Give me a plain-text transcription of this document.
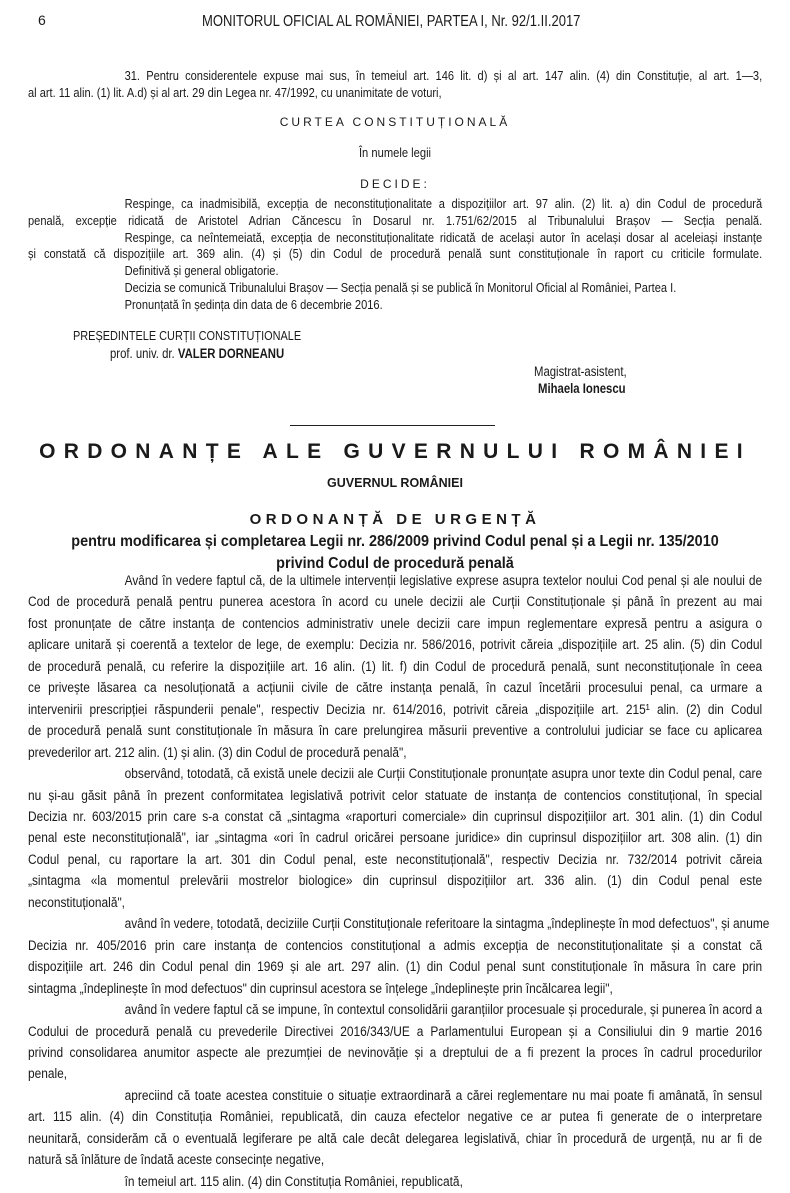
6	MONITORUL OFICIAL AL ROMÂNIEI, PARTEA I, Nr. 92/1.II.2017
31. Pentru considerentele expuse mai sus, în temeiul art. 146 lit. d) și al art. 147 alin. (4) din Constituție, al art. 1—3,
al art. 11 alin. (1) lit. A.d) și al art. 29 din Legea nr. 47/1992, cu unanimitate de voturi,
CURTEA CONSTITUȚIONALĂ
În numele legii
DECIDE:
Respinge, ca inadmisibilă, excepția de neconstituționalitate a dispozițiilor art. 97 alin. (2) lit. a) din Codul de procedură
penală, excepție ridicată de Aristotel Adrian Căncescu în Dosarul nr. 1.751/62/2015 al Tribunalului Brașov — Secția penală.
Respinge, ca neîntemeiată, excepția de neconstituționalitate ridicată de același autor în același dosar al aceleiași instanțe
și constată că dispozițiile art. 369 alin. (4) și (5) din Codul de procedură penală sunt constituționale în raport cu criticile formulate.
Definitivă și general obligatorie.
Decizia se comunică Tribunalului Brașov — Secția penală și se publică în Monitorul Oficial al României, Partea I.
Pronunțată în ședința din data de 6 decembrie 2016.
PREȘEDINTELE CURȚII CONSTITUȚIONALE
prof. univ. dr. VALER DORNEANU
Magistrat-asistent,
Mihaela Ionescu
ORDONANȚE ALE GUVERNULUI ROMÂNIEI
GUVERNUL ROMÂNIEI
ORDONANȚĂ DE URGENȚĂ
pentru modificarea și completarea Legii nr. 286/2009 privind Codul penal și a Legii nr. 135/2010
privind Codul de procedură penală
Având în vedere faptul că, de la ultimele intervenții legislative exprese asupra textelor noului Cod penal și ale noului de
Cod de procedură penală pentru punerea acestora în acord cu unele decizii ale Curții Constituționale și până în prezent au mai
fost pronunțate de către instanța de contencios administrativ unele decizii care impun reglementare expresă pentru a asigura o
aplicare unitară și coerentă a textelor de lege, de exemplu: Decizia nr. 586/2016, potrivit căreia „dispozițiile art. 25 alin. (5) din Codul
de procedură penală, cu referire la dispozițiile art. 16 alin. (1) lit. f) din Codul de procedură penală, sunt neconstituționale în ceea
ce privește lăsarea ca nesoluționată a acțiunii civile de către instanța penală, în cazul încetării procesului penal, ca urmare a
intervenirii prescripției răspunderii penale", respectiv Decizia nr. 614/2016, potrivit căreia „dispozițiile art. 215¹ alin. (2) din Codul
de procedură penală sunt constituționale în măsura în care prelungirea măsurii preventive a controlului judiciar se face cu aplicarea
prevederilor art. 212 alin. (1) și alin. (3) din Codul de procedură penală",
observând, totodată, că există unele decizii ale Curții Constituționale pronunțate asupra unor texte din Codul penal, care
nu și-au găsit până în prezent conformitatea legislativă potrivit celor statuate de instanța de contencios constituțional, în special
Decizia nr. 603/2015 prin care s-a constat că „sintagma «raporturi comerciale» din cuprinsul dispozițiilor art. 301 alin. (1) din Codul
penal este neconstituțională", iar „sintagma «ori în cadrul oricărei persoane juridice» din cuprinsul dispozițiilor art. 308 alin. (1) din
Codul penal, cu raportare la art. 301 din Codul penal, este neconstituțională", respectiv Decizia nr. 732/2014 potrivit căreia
„sintagma «la momentul prelevării mostrelor biologice» din cuprinsul dispozițiilor art. 336 alin. (1) din Codul penal este
neconstituțională",
având în vedere, totodată, deciziile Curții Constituționale referitoare la sintagma „îndeplinește în mod defectuos", și anume
Decizia nr. 405/2016 prin care instanța de contencios constituțional a admis excepția de neconstituționalitate și a constat că
dispozițiile art. 246 din Codul penal din 1969 și ale art. 297 alin. (1) din Codul penal sunt constituționale în măsura în care prin
sintagma „îndeplinește în mod defectuos" din cuprinsul acestora se înțelege „îndeplinește prin încălcarea legii",
având în vedere faptul că se impune, în contextul consolidării garanțiilor procesuale și procedurale, și punerea în acord a
Codului de procedură penală cu prevederile Directivei 2016/343/UE a Parlamentului European și a Consiliului din 9 martie 2016
privind consolidarea anumitor aspecte ale prezumției de nevinovăție și a dreptului de a fi prezent la proces în cadrul procedurilor
penale,
apreciind că toate acestea constituie o situație extraordinară a cărei reglementare nu mai poate fi amânată, în sensul
art. 115 alin. (4) din Constituția României, republicată, din cauza efectelor negative ce ar putea fi generate de o interpretare
neunitară, considerăm că o eventuală legiferare pe altă cale decât delegarea legislativă, chiar în procedură de urgență, nu ar fi de
natură să înlăture de îndată aceste consecințe negative,
în temeiul art. 115 alin. (4) din Constituția României, republicată,
